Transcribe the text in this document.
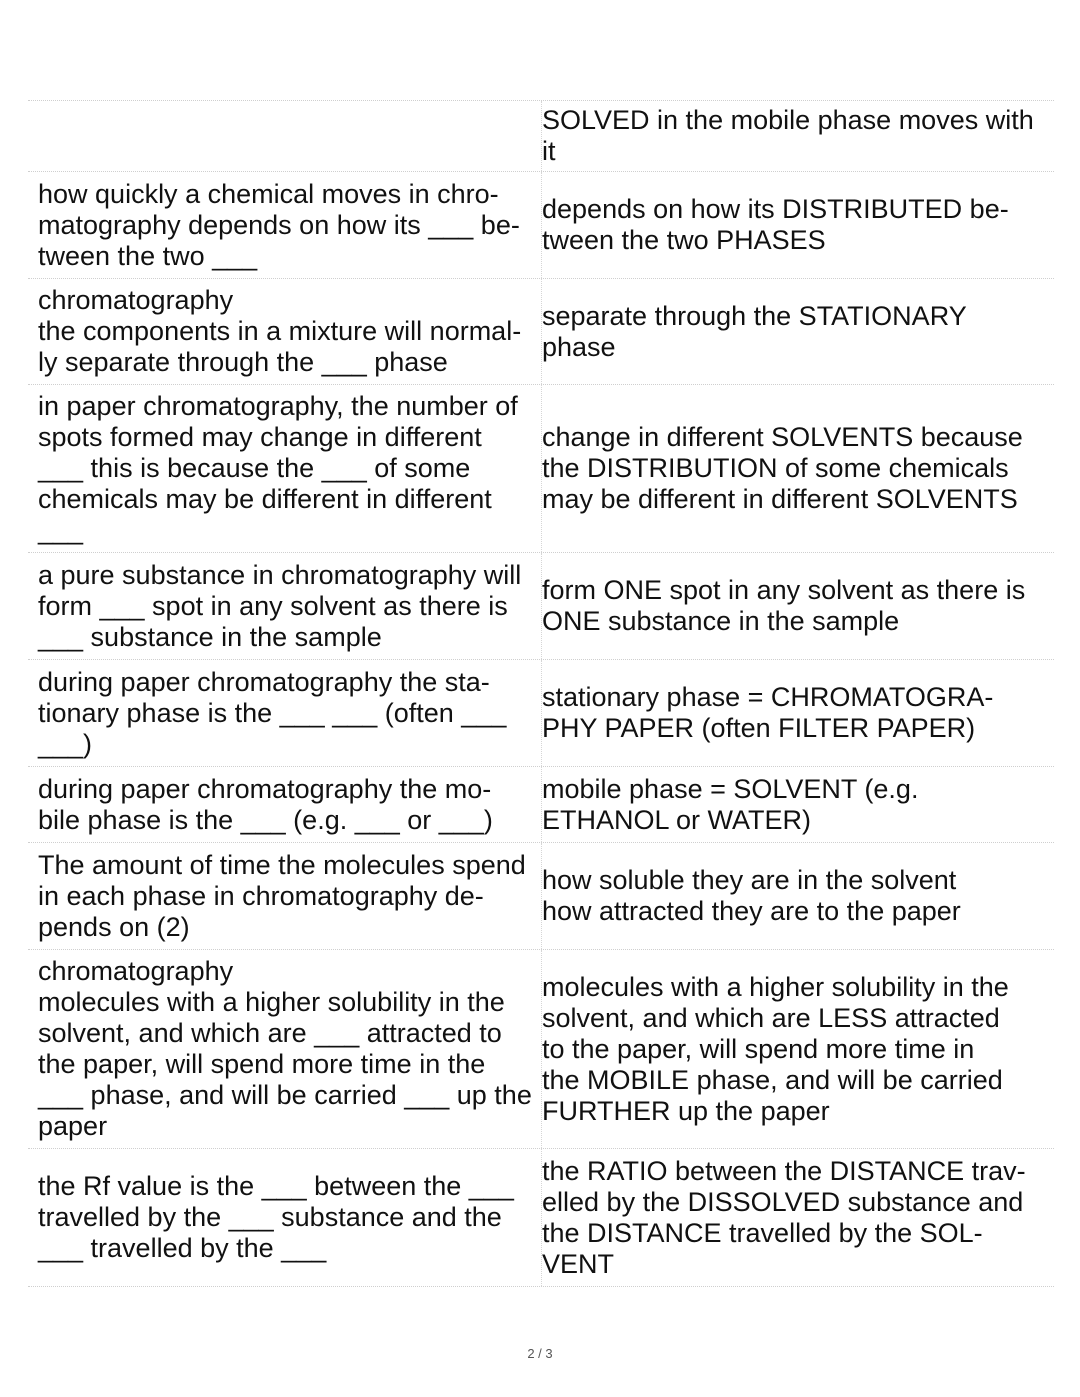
SOLVED in the mobile phase moves with
it
how quickly a chemical moves in chro-
matography depends on how its ___ be-
tween the two ___
depends on how its DISTRIBUTED be-
tween the two PHASES
chromatography
the components in a mixture will normal-
ly separate through the ___ phase
separate through the STATIONARY
phase
in paper chromatography, the number of
spots formed may change in different
___ this is because the ___ of some
chemicals may be different in different
___
change in different SOLVENTS because
the DISTRIBUTION of some chemicals
may be different in different SOLVENTS
a pure substance in chromatography will
form ___ spot in any solvent as there is
___ substance in the sample
form ONE spot in any solvent as there is
ONE substance in the sample
during paper chromatography the sta-
tionary phase is the ___ ___ (often ___
___)
stationary phase = CHROMATOGRA-
PHY PAPER (often FILTER PAPER)
during paper chromatography the mo-
bile phase is the ___ (e.g. ___ or ___)
mobile phase = SOLVENT (e.g.
ETHANOL or WATER)
The amount of time the molecules spend
in each phase in chromatography de-
pends on (2)
how soluble they are in the solvent
how attracted they are to the paper
chromatography
molecules with a higher solubility in the
solvent, and which are ___ attracted to
the paper, will spend more time in the
___ phase, and will be carried ___ up the
paper
molecules with a higher solubility in the
solvent, and which are LESS attracted
to the paper, will spend more time in
the MOBILE phase, and will be carried
FURTHER up the paper
the Rf value is the ___ between the ___
travelled by the ___ substance and the
___ travelled by the ___
the RATIO between the DISTANCE trav-
elled by the DISSOLVED substance and
the DISTANCE travelled by the SOL-
VENT
2 / 3
